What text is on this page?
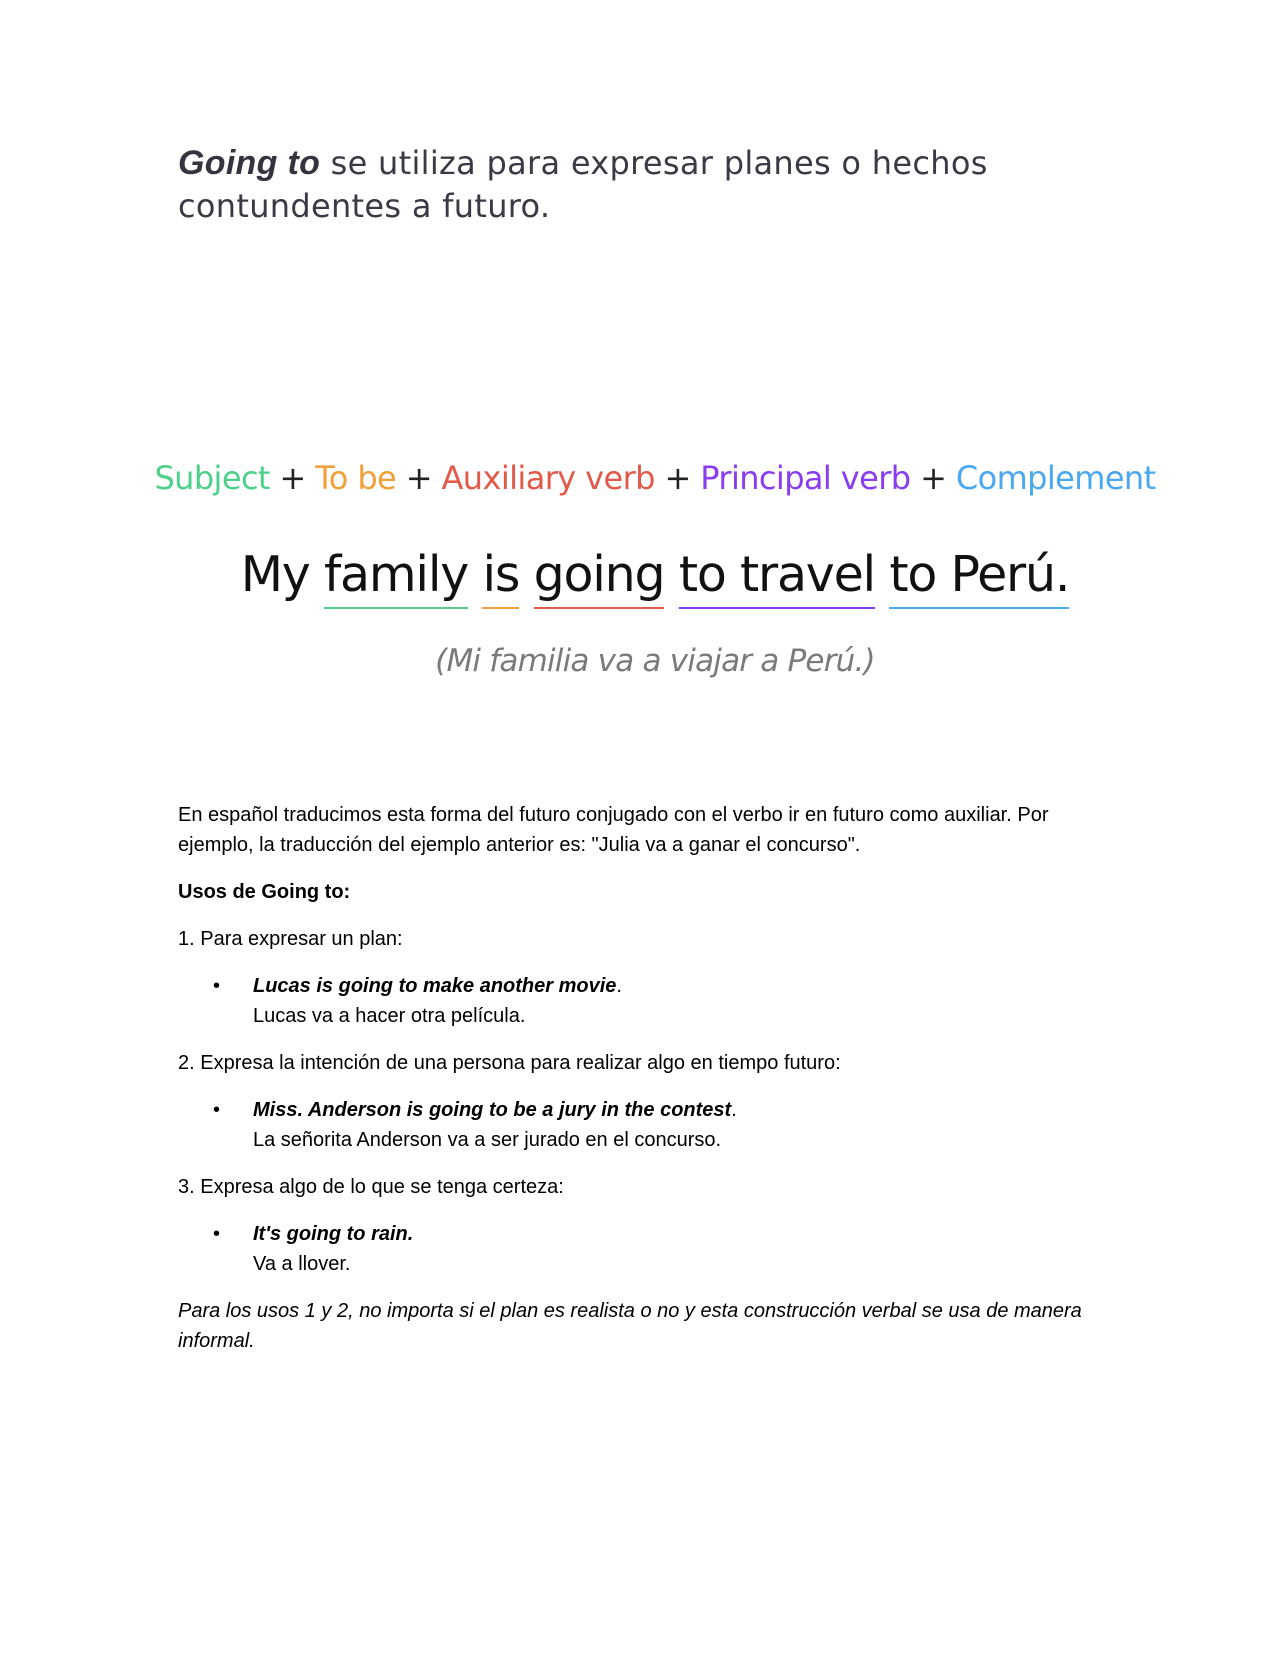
Going to se utiliza para expresar planes o hechos contundentes a futuro.
Subject + To be + Auxiliary verb + Principal verb + Complement
My family is going to travel to Perú.
(Mi familia va a viajar a Perú.)

En español traducimos esta forma del futuro conjugado con el verbo ir en futuro como auxiliar. Por ejemplo, la traducción del ejemplo anterior es: "Julia va a ganar el concurso".

Usos de Going to:

1. Para expresar un plan:

• Lucas is going to make another movie.
Lucas va a hacer otra película.

2. Expresa la intención de una persona para realizar algo en tiempo futuro:

• Miss. Anderson is going to be a jury in the contest.
La señorita Anderson va a ser jurado en el concurso.

3. Expresa algo de lo que se tenga certeza:

• It's going to rain.
Va a llover.

Para los usos 1 y 2, no importa si el plan es realista o no y esta construcción verbal se usa de manera informal.
